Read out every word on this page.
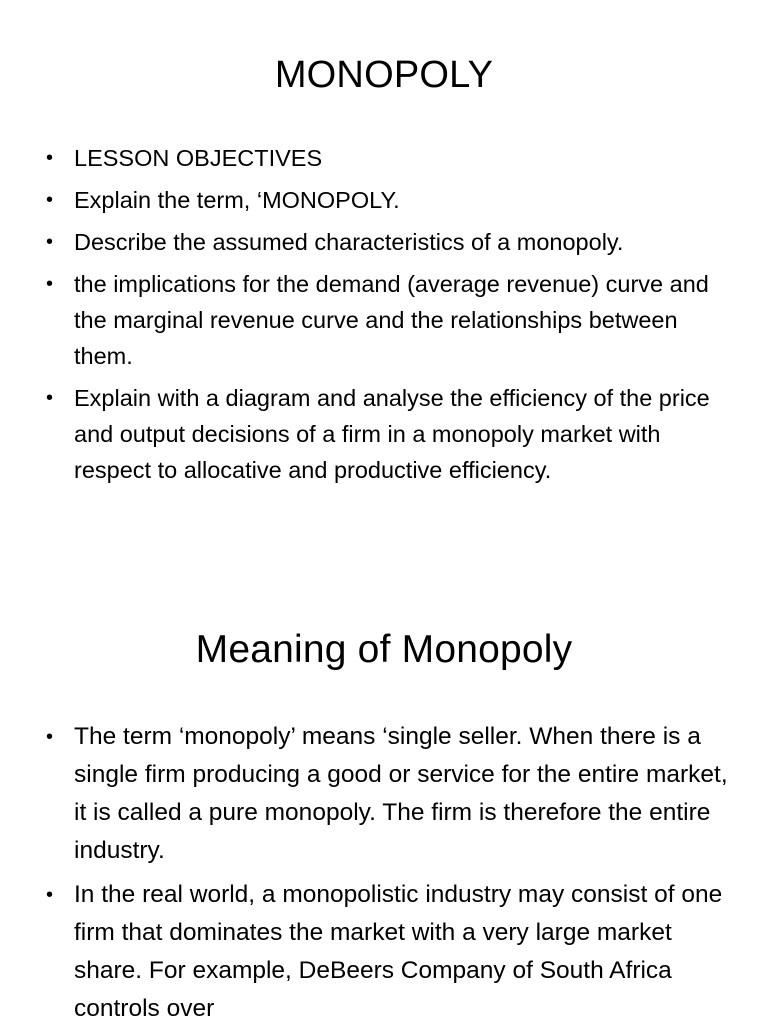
MONOPOLY
• LESSON OBJECTIVES
• Explain the term, ‘MONOPOLY.
• Describe the assumed characteristics of a monopoly.
• the implications for the demand (average revenue) curve and the marginal revenue curve and the relationships between them.
• Explain with a diagram and analyse the efficiency of the price and output decisions of a firm in a monopoly market with respect to allocative and productive efficiency.
Meaning of Monopoly
• The term ‘monopoly’ means ‘single seller. When there is a single firm producing a good or service for the entire market, it is called a pure monopoly. The firm is therefore the entire industry.
• In the real world, a monopolistic industry may consist of one firm that dominates the market with a very large market share. For example, DeBeers Company of South Africa controls over
